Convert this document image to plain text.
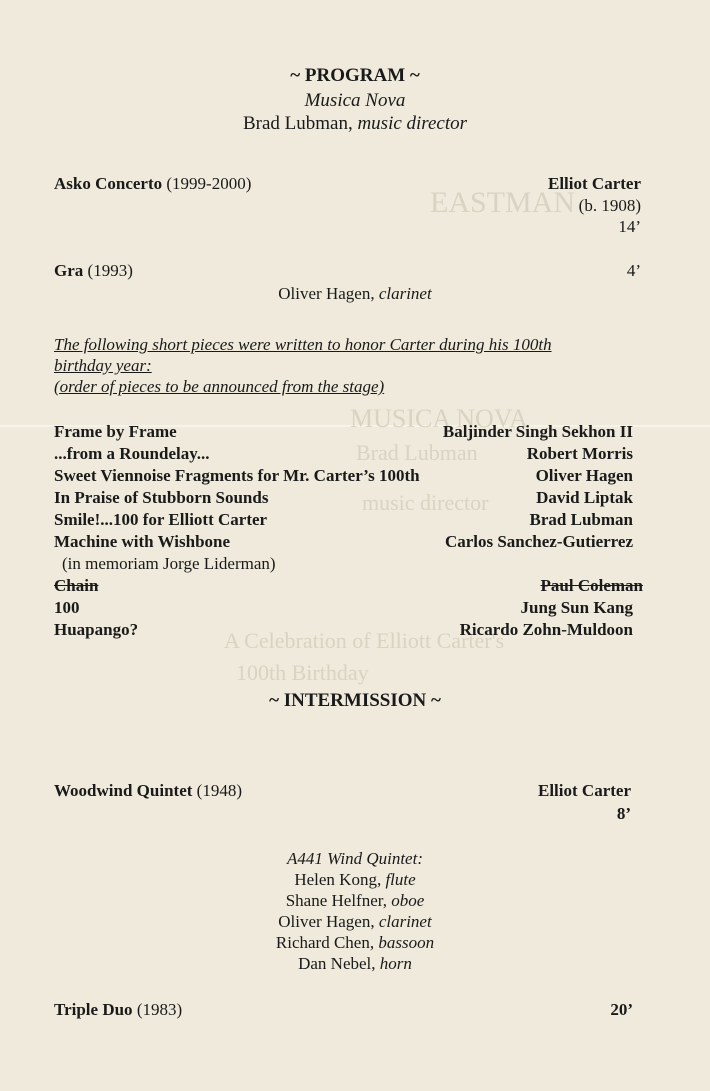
EASTMAN
MUSICA NOVA
Brad Lubman
music director
A Celebration of Elliott Carter's
100th Birthday
~ PROGRAM ~
Musica Nova
Brad Lubman, music director
Asko Concerto (1999-2000)	Elliot Carter
(b. 1908)
14’
Gra (1993)	4’
Oliver Hagen, clarinet
The following short pieces were written to honor Carter during his 100th
birthday year:
(order of pieces to be announced from the stage)
Frame by Frame	Baljinder Singh Sekhon II
...from a Roundelay...	Robert Morris
Sweet Viennoise Fragments for Mr. Carter’s 100th	Oliver Hagen
In Praise of Stubborn Sounds	David Liptak
Smile!...100 for Elliott Carter	Brad Lubman
Machine with Wishbone	Carlos Sanchez-Gutierrez
(in memoriam Jorge Liderman)
Chain	Paul Coleman
100	Jung Sun Kang
Huapango?	Ricardo Zohn-Muldoon
~ INTERMISSION ~
Woodwind Quintet (1948)	Elliot Carter
8’
A441 Wind Quintet:
Helen Kong, flute
Shane Helfner, oboe
Oliver Hagen, clarinet
Richard Chen, bassoon
Dan Nebel, horn
Triple Duo (1983)	20’
